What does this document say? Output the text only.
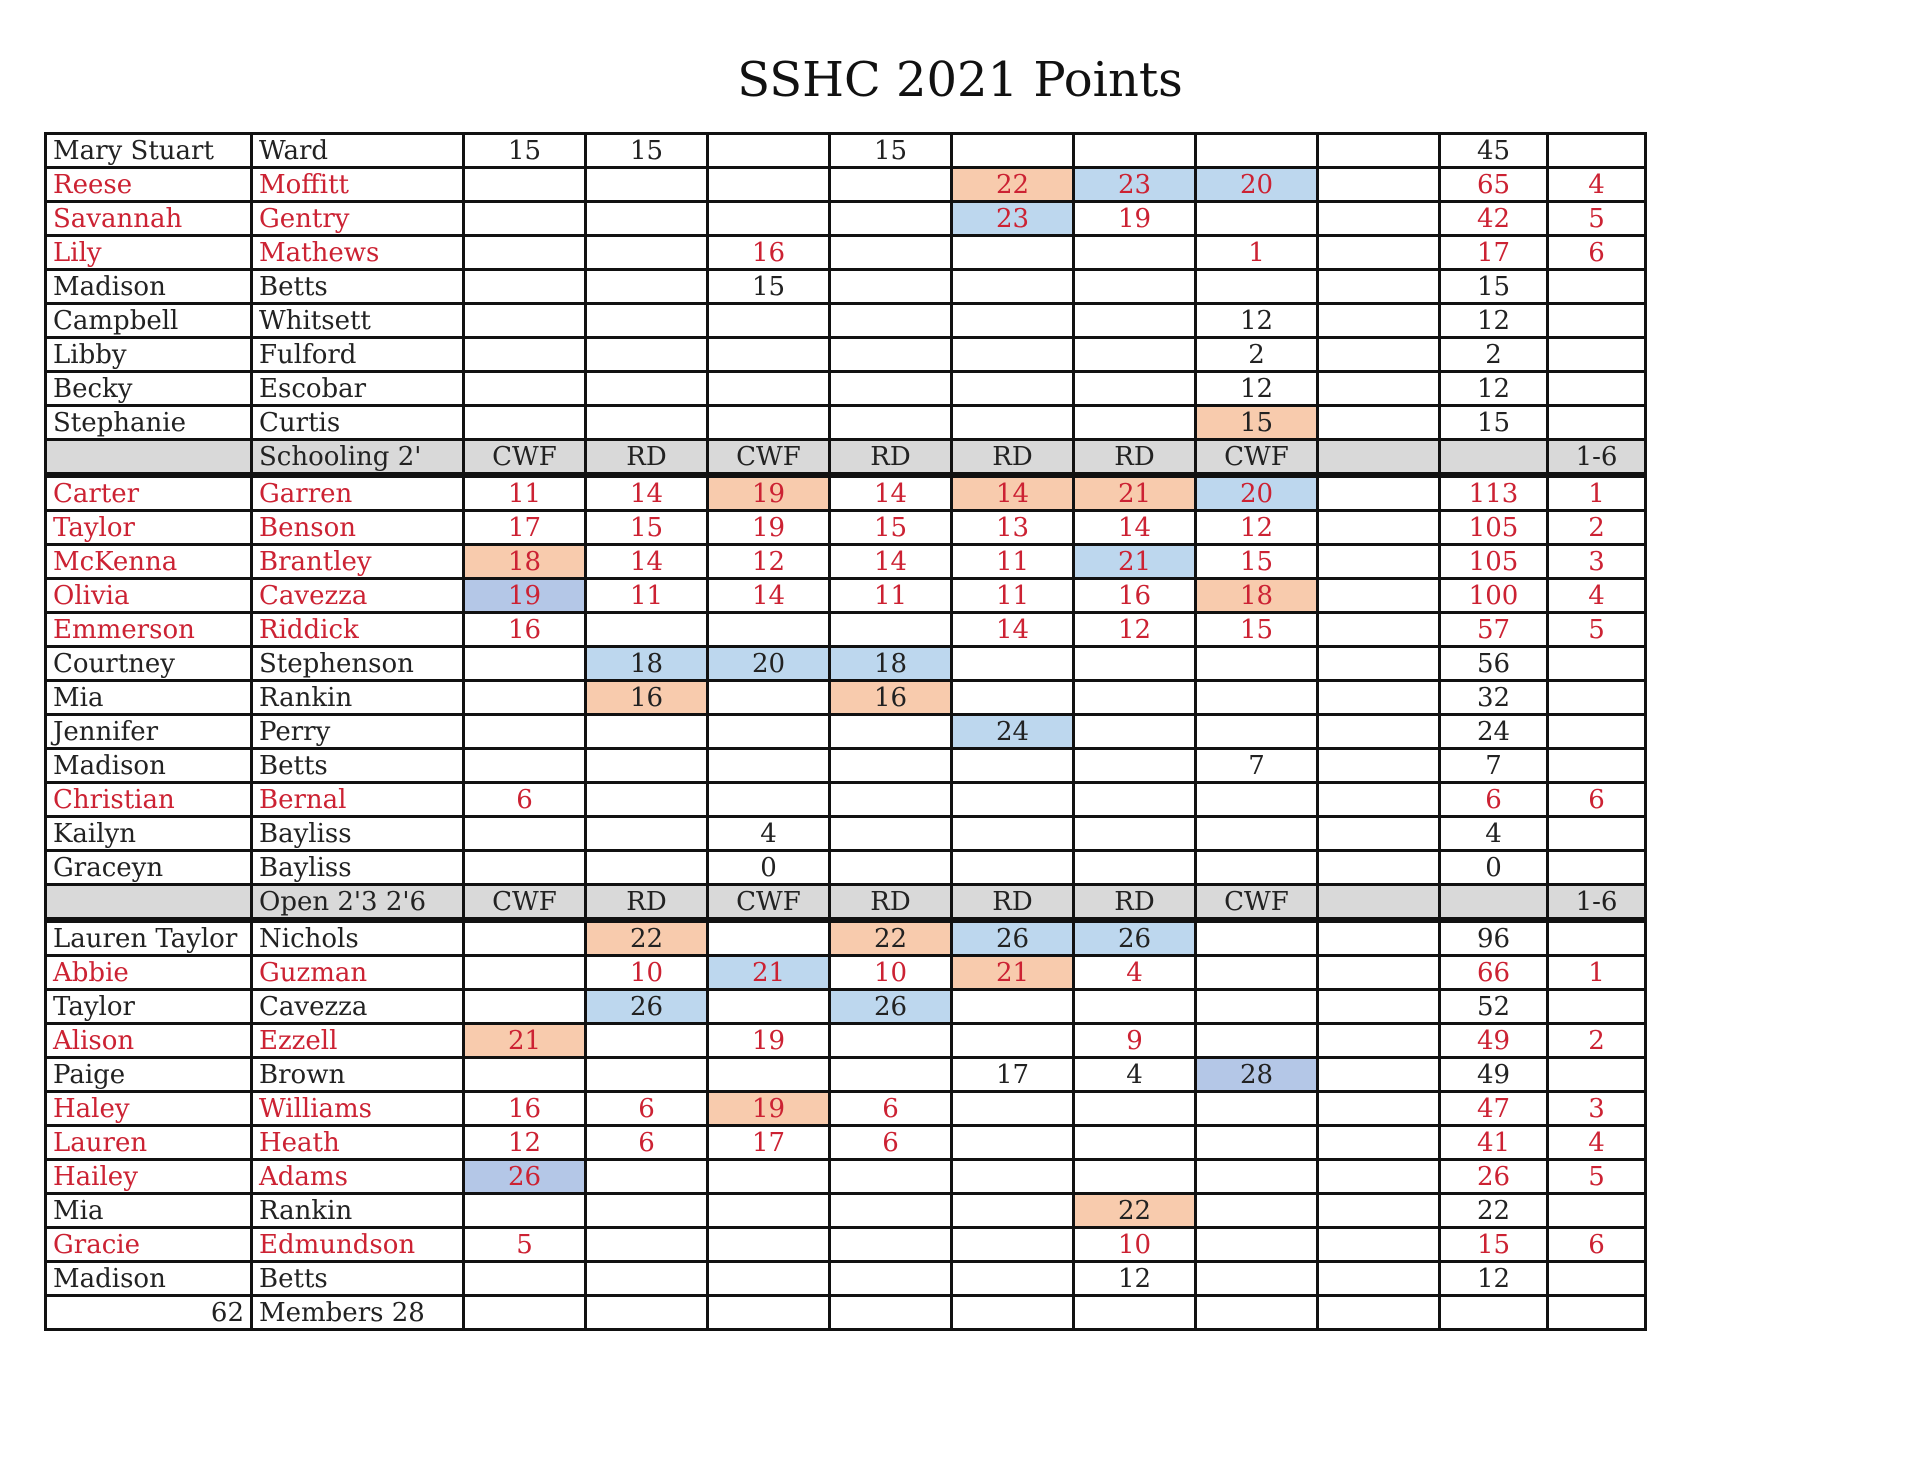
SSHC 2021 Points
Mary Stuart	Ward	15	15		15					45	
Reese	Moffitt					22	23	20		65	4
Savannah	Gentry					23	19			42	5
Lily	Mathews			16				1		17	6
Madison	Betts			15						15	
Campbell	Whitsett							12		12	
Libby	Fulford							2		2	
Becky	Escobar							12		12	
Stephanie	Curtis							15		15	
	Schooling 2'	CWF	RD	CWF	RD	RD	RD	CWF			1-6
Carter	Garren	11	14	19	14	14	21	20		113	1
Taylor	Benson	17	15	19	15	13	14	12		105	2
McKenna	Brantley	18	14	12	14	11	21	15		105	3
Olivia	Cavezza	19	11	14	11	11	16	18		100	4
Emmerson	Riddick	16				14	12	15		57	5
Courtney	Stephenson		18	20	18					56	
Mia	Rankin		16		16					32	
Jennifer	Perry					24				24	
Madison	Betts							7		7	
Christian	Bernal	6								6	6
Kailyn	Bayliss			4						4	
Graceyn	Bayliss			0						0	
	Open 2'3 2'6	CWF	RD	CWF	RD	RD	RD	CWF			1-6
Lauren Taylor	Nichols		22		22	26	26			96	
Abbie	Guzman		10	21	10	21	4			66	1
Taylor	Cavezza		26		26					52	
Alison	Ezzell	21		19			9			49	2
Paige	Brown					17	4	28		49	
Haley	Williams	16	6	19	6					47	3
Lauren	Heath	12	6	17	6					41	4
Hailey	Adams	26								26	5
Mia	Rankin						22			22	
Gracie	Edmundson	5					10			15	6
Madison	Betts						12			12	
62	Members 28										
